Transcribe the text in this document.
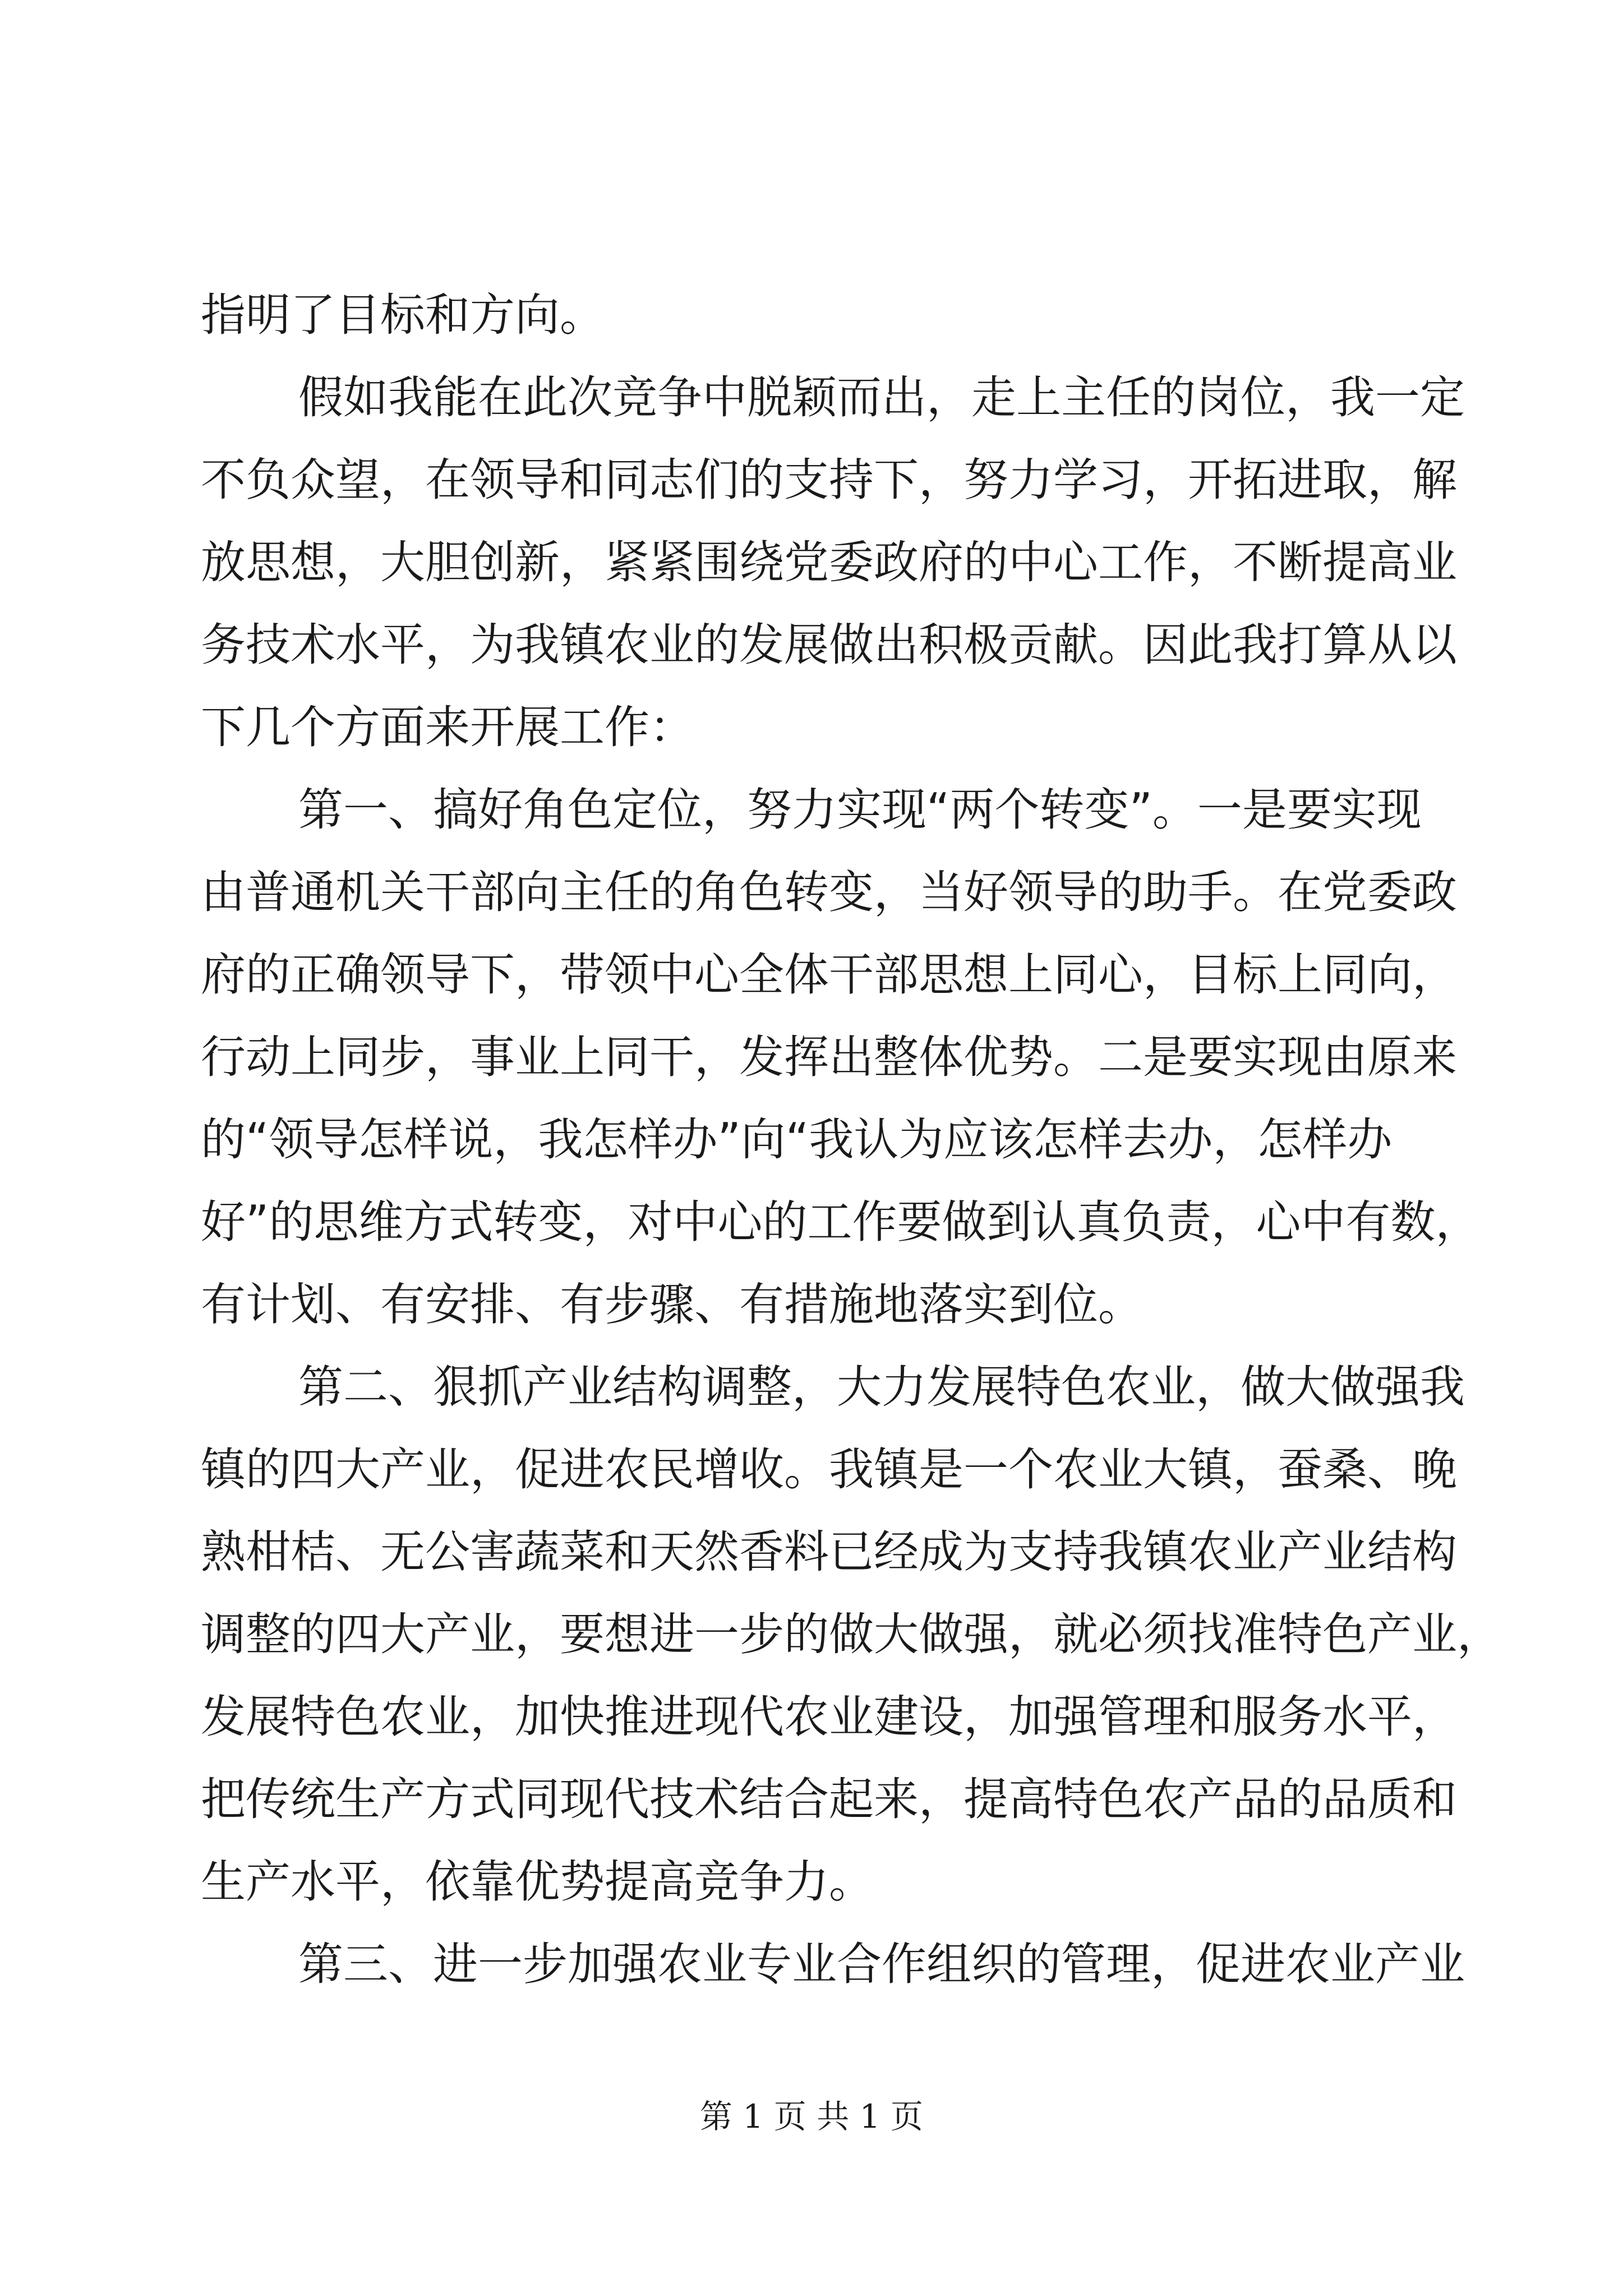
指明了目标和方向。
假如我能在此次竞争中脱颖而出，走上主任的岗位，我一定
不负众望，在领导和同志们的支持下，努力学习，开拓进取，解
放思想，大胆创新，紧紧围绕党委政府的中心工作，不断提高业
务技术水平，为我镇农业的发展做出积极贡献。因此我打算从以
下几个方面来开展工作：
第一、搞好角色定位，努力实现“两个转变”。一是要实现
由普通机关干部向主任的角色转变，当好领导的助手。在党委政
府的正确领导下，带领中心全体干部思想上同心，目标上同向，
行动上同步，事业上同干，发挥出整体优势。二是要实现由原来
的“领导怎样说，我怎样办”向“我认为应该怎样去办，怎样办
好”的思维方式转变，对中心的工作要做到认真负责，心中有数，
有计划、有安排、有步骤、有措施地落实到位。
第二、狠抓产业结构调整，大力发展特色农业，做大做强我
镇的四大产业，促进农民增收。我镇是一个农业大镇，蚕桑、晚
熟柑桔、无公害蔬菜和天然香料已经成为支持我镇农业产业结构
调整的四大产业，要想进一步的做大做强，就必须找准特色产业，
发展特色农业，加快推进现代农业建设，加强管理和服务水平，
把传统生产方式同现代技术结合起来，提高特色农产品的品质和
生产水平，依靠优势提高竞争力。
第三、进一步加强农业专业合作组织的管理，促进农业产业
第 1 页 共 1 页
